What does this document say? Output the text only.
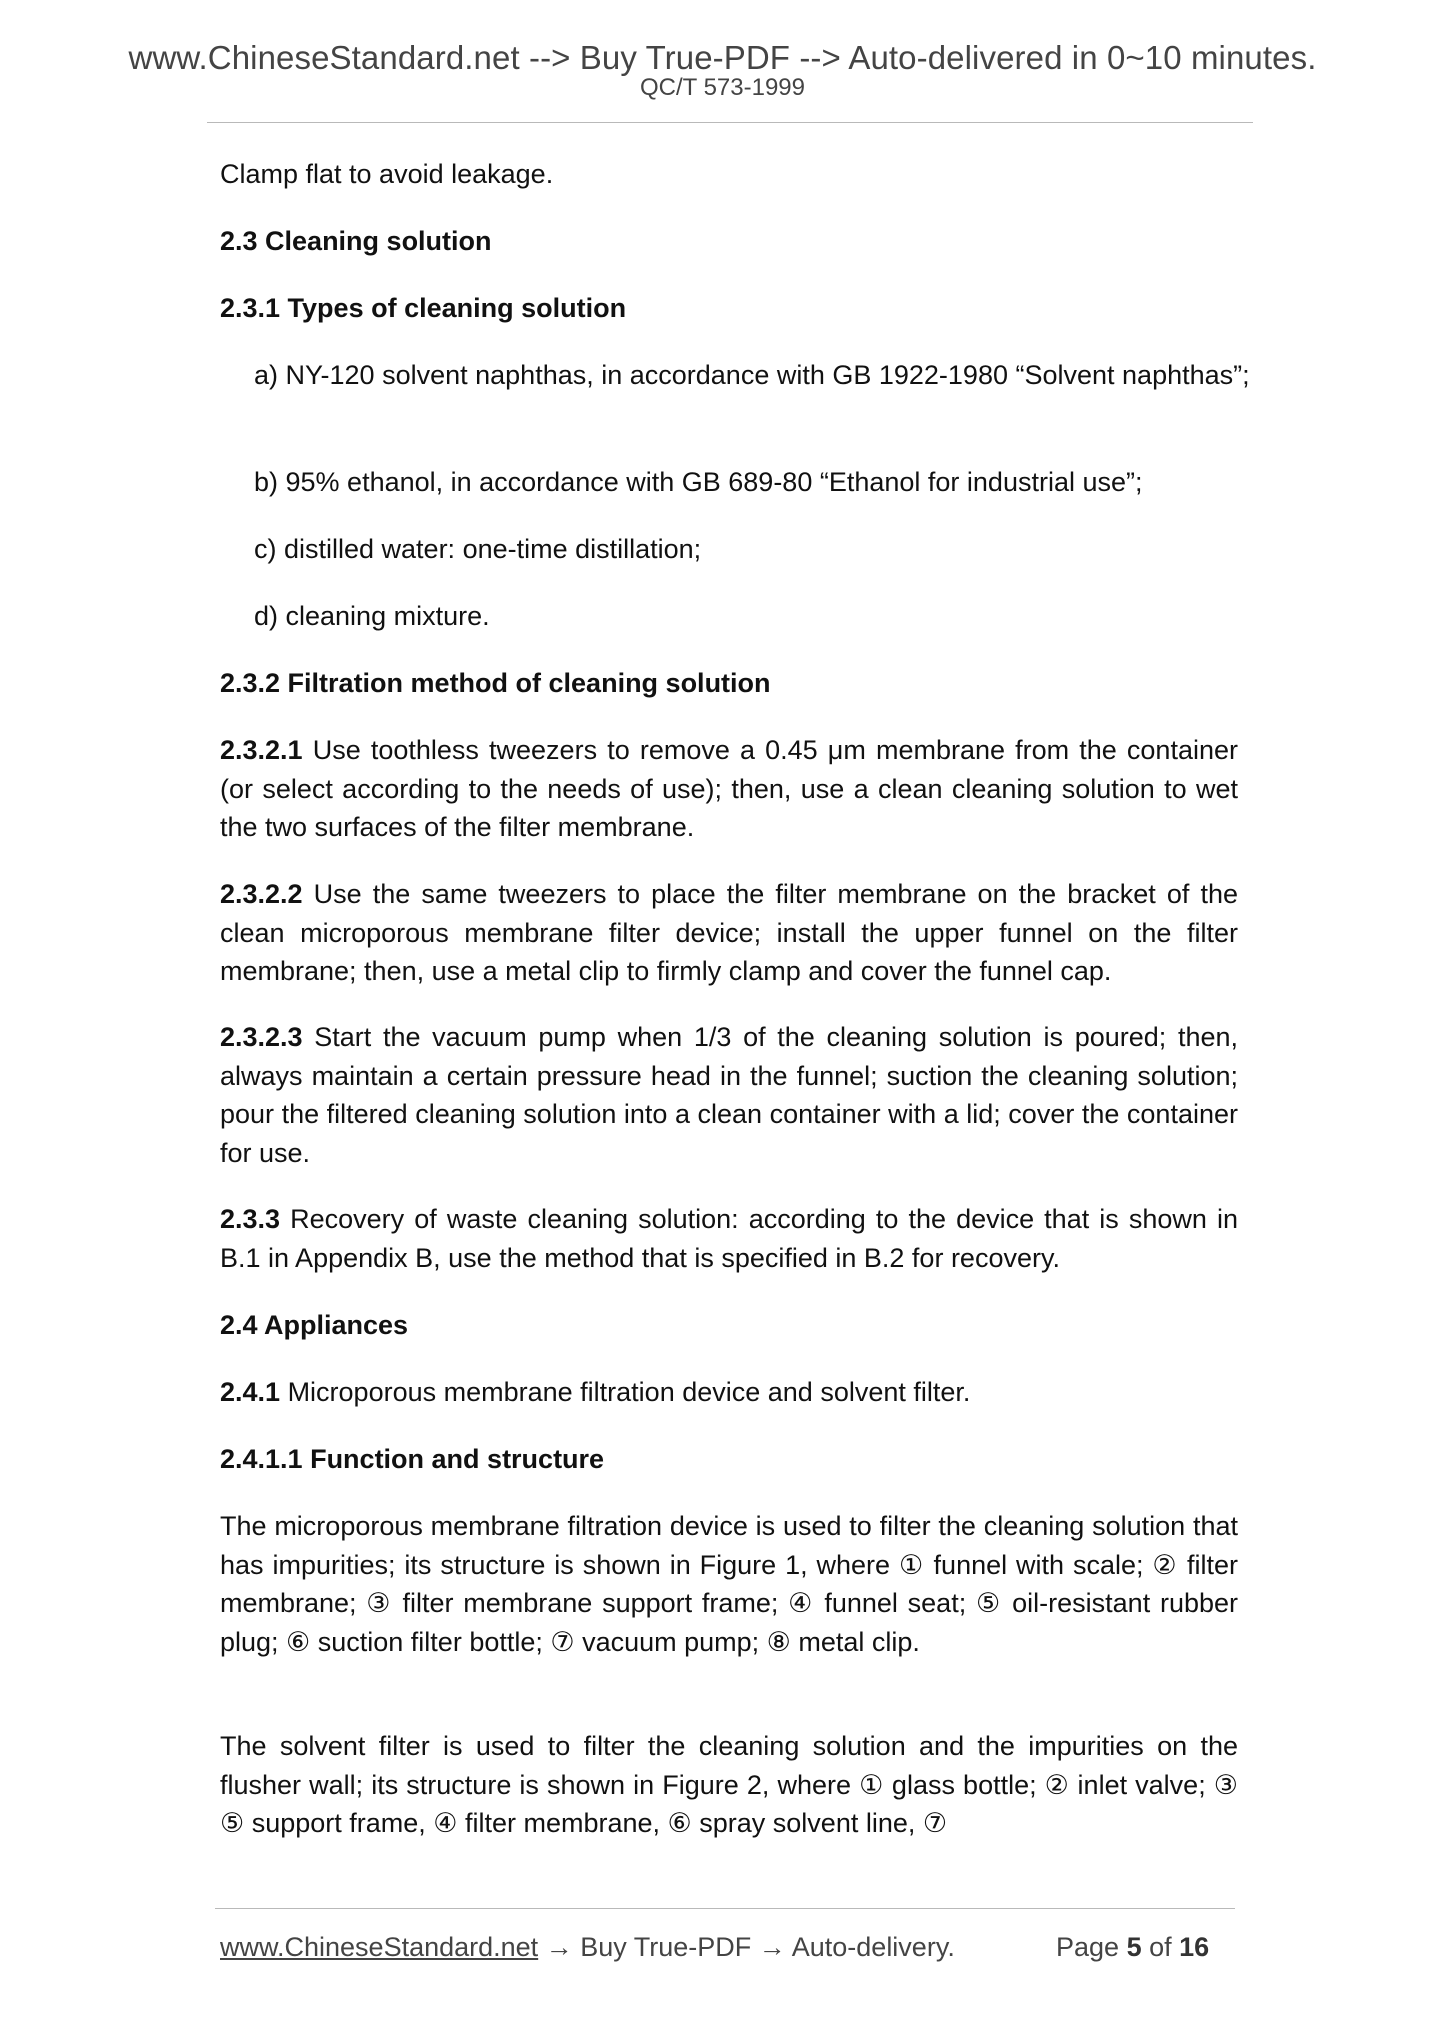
www.ChineseStandard.net --> Buy True-PDF --> Auto-delivered in 0~10 minutes.
QC/T 573-1999

Clamp flat to avoid leakage.

2.3 Cleaning solution

2.3.1 Types of cleaning solution

a) NY-120 solvent naphthas, in accordance with GB 1922-1980 “Solvent naphthas”;

b) 95% ethanol, in accordance with GB 689-80 “Ethanol for industrial use”;

c) distilled water: one-time distillation;

d) cleaning mixture.

2.3.2 Filtration method of cleaning solution

2.3.2.1 Use toothless tweezers to remove a 0.45 μm membrane from the container (or select according to the needs of use); then, use a clean cleaning solution to wet the two surfaces of the filter membrane.

2.3.2.2 Use the same tweezers to place the filter membrane on the bracket of the clean microporous membrane filter device; install the upper funnel on the filter membrane; then, use a metal clip to firmly clamp and cover the funnel cap.

2.3.2.3 Start the vacuum pump when 1/3 of the cleaning solution is poured; then, always maintain a certain pressure head in the funnel; suction the cleaning solution; pour the filtered cleaning solution into a clean container with a lid; cover the container for use.

2.3.3 Recovery of waste cleaning solution: according to the device that is shown in B.1 in Appendix B, use the method that is specified in B.2 for recovery.

2.4 Appliances

2.4.1 Microporous membrane filtration device and solvent filter.

2.4.1.1 Function and structure

The microporous membrane filtration device is used to filter the cleaning solution that has impurities; its structure is shown in Figure 1, where ① funnel with scale; ② filter membrane; ③ filter membrane support frame; ④ funnel seat; ⑤ oil-resistant rubber plug; ⑥ suction filter bottle; ⑦ vacuum pump; ⑧ metal clip.

The solvent filter is used to filter the cleaning solution and the impurities on the flusher wall; its structure is shown in Figure 2, where ① glass bottle; ② inlet valve; ③ ⑤ support frame, ④ filter membrane, ⑥ spray solvent line, ⑦

www.ChineseStandard.net → Buy True-PDF → Auto-delivery.	Page 5 of 16
